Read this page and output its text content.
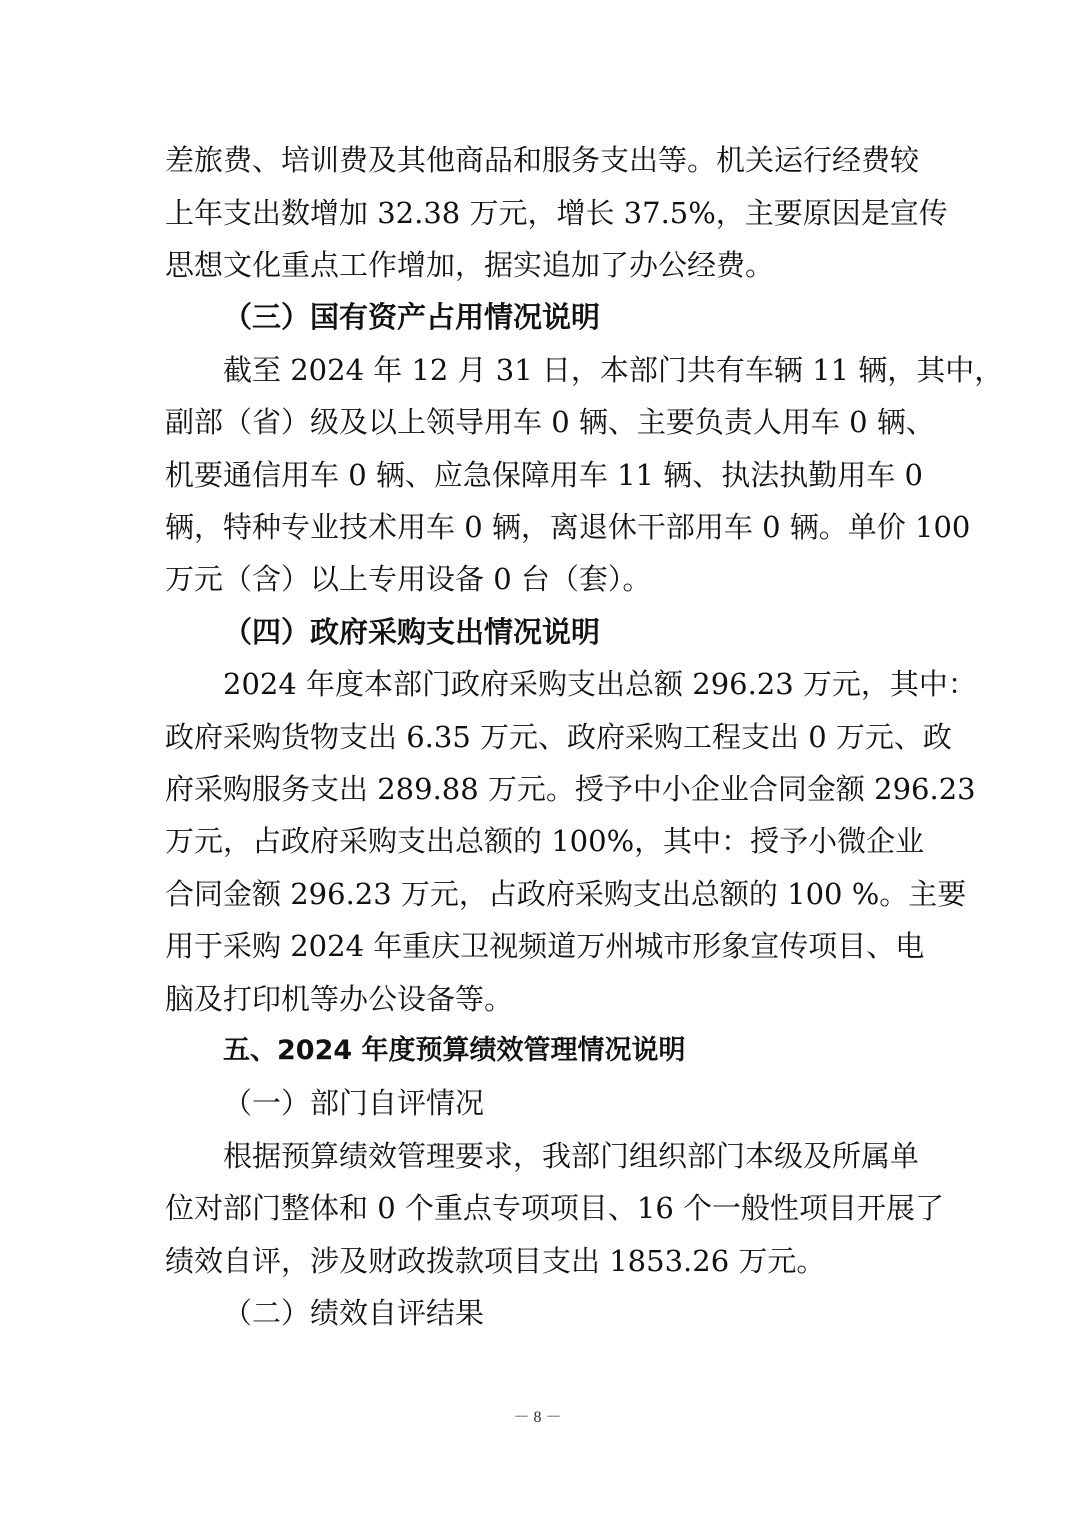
差旅费、培训费及其他商品和服务支出等。机关运行经费较
上年支出数增加 32.38 万元，增长 37.5%，主要原因是宣传
思想文化重点工作增加，据实追加了办公经费。
（三）国有资产占用情况说明
截至 2024 年 12 月 31 日，本部门共有车辆 11 辆，其中，
副部（省）级及以上领导用车 0 辆、主要负责人用车 0 辆、
机要通信用车 0 辆、应急保障用车 11 辆、执法执勤用车 0
辆，特种专业技术用车 0 辆，离退休干部用车 0 辆。单价 100
万元（含）以上专用设备 0 台（套）。
（四）政府采购支出情况说明
2024 年度本部门政府采购支出总额 296.23 万元，其中：
政府采购货物支出 6.35 万元、政府采购工程支出 0 万元、政
府采购服务支出 289.88 万元。授予中小企业合同金额 296.23
万元，占政府采购支出总额的 100%，其中：授予小微企业
合同金额 296.23 万元，占政府采购支出总额的 100 %。主要
用于采购 2024 年重庆卫视频道万州城市形象宣传项目、电
脑及打印机等办公设备等。
五、2024 年度预算绩效管理情况说明
（一）部门自评情况
根据预算绩效管理要求，我部门组织部门本级及所属单
位对部门整体和 0 个重点专项项目、16 个一般性项目开展了
绩效自评，涉及财政拨款项目支出 1853.26 万元。
（二）绩效自评结果
－ 8 －
